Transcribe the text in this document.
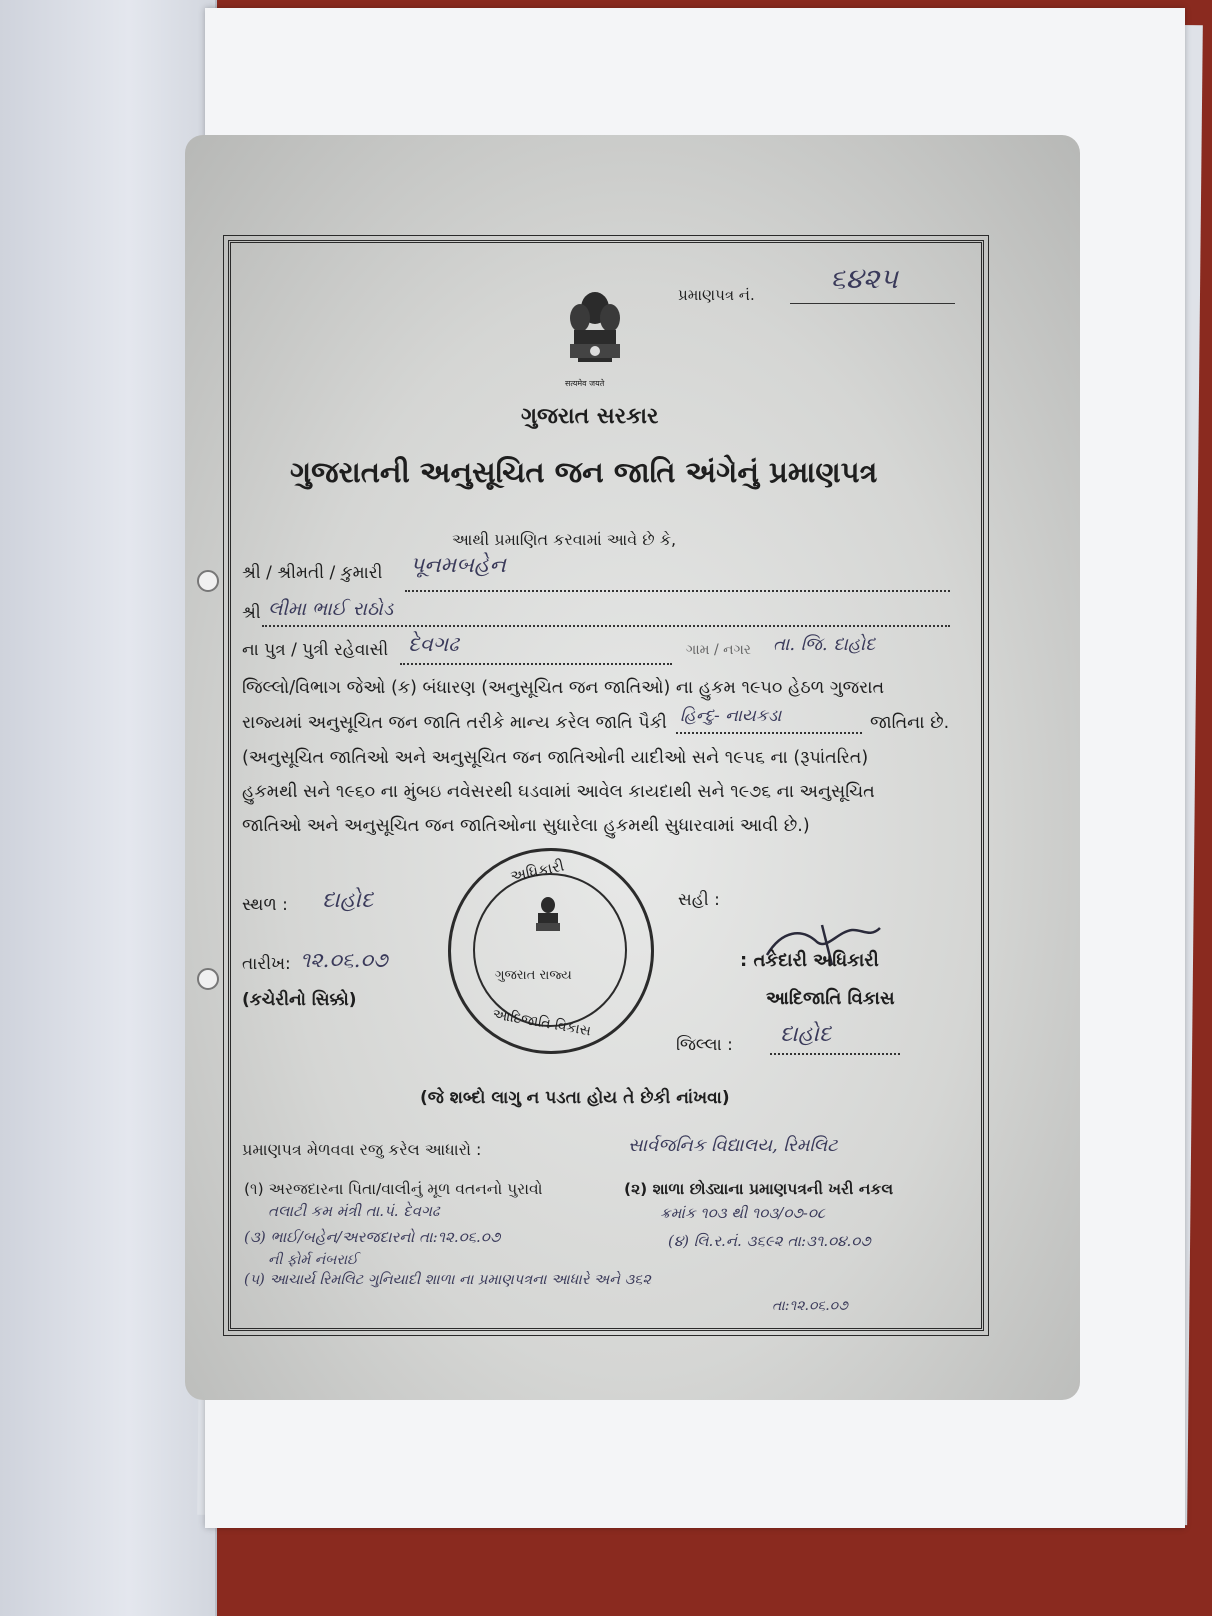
પ્રમાણપત્ર નં.	૬૪૨૫
सत्यमेव जयते
ગુજરાત સરકાર
ગુજરાતની અનુસૂચિત જન જાતિ અંગેનું પ્રમાણપત્ર
આથી પ્રમાણિત કરવામાં આવે છે કે,
શ્રી / શ્રીમતી / કુમારી પૂનમબહેન
શ્રી લીમા ભાઈ રાઠોડ
ના પુત્ર / પુત્રી રહેવાસી દેવગઢ	ગામ / નગર તા. જિ. દાહોદ
જિલ્લો/વિભાગ જેઓ (ક) બંધારણ (અનુસૂચિત જન જાતિઓ) ના હુકમ ૧૯૫૦ હેઠળ ગુજરાત
રાજ્યમાં અનુસૂચિત જન જાતિ તરીકે માન્ય કરેલ જાતિ પૈકી હિન્દુ- નાયકડા	જાતિના છે.
(અનુસૂચિત જાતિઓ અને અનુસૂચિત જન જાતિઓની યાદીઓ સને ૧૯૫૬ ના (રૂપાંતરિત)
હુકમથી સને ૧૯૬૦ ના મુંબઇ નવેસરથી ઘડવામાં આવેલ કાયદાથી સને ૧૯૭૬ ના અનુસૂચિત
જાતિઓ અને અનુસૂચિત જન જાતિઓના સુધારેલા હુકમથી સુધારવામાં આવી છે.)
સ્થળ : દાહોદ
તારીખ: ૧૨.૦૬.૦૭
(કચેરીનો સિક્કો)
અધિકારી
ગુજરાત રાજ્ય
આદિજાતિ વિકાસ
સહી :
: તકેદારી અધિકારી
આદિજાતિ વિકાસ
જિલ્લા : દાહોદ
(જે શબ્દો લાગુ ન પડતા હોય તે છેકી નાંખવા)
પ્રમાણપત્ર મેળવવા રજુ કરેલ આધારો :	સાર્વજનિક વિદ્યાલય, રિમલિટ
(૧) અરજદારના પિતા/વાલીનું મૂળ વતનનો પુરાવો	(૨) શાળા છોડ્યાના પ્રમાણપત્રની ખરી નકલ
તલાટી કમ મંત્રી તા.પં. દેવગઢ	ક્રમાંક ૧૦૩ થી ૧૦૩/૦૭-૦૮
(૩) ભાઈ/બહેન/અરજદારનો તા:૧૨.૦૬.૦૭	(૪) લિ.ર.નં. ૩૬૯૨ તા:૩૧.૦૪.૦૭
ની ફોર્મ નંબરાઈ
(૫) આચાર્ય રિમલિટ ગુનિયાદી શાળા ના પ્રમાણપત્રના આધારે અને ૩૬૨
તા:૧૨.૦૬.૦૭
